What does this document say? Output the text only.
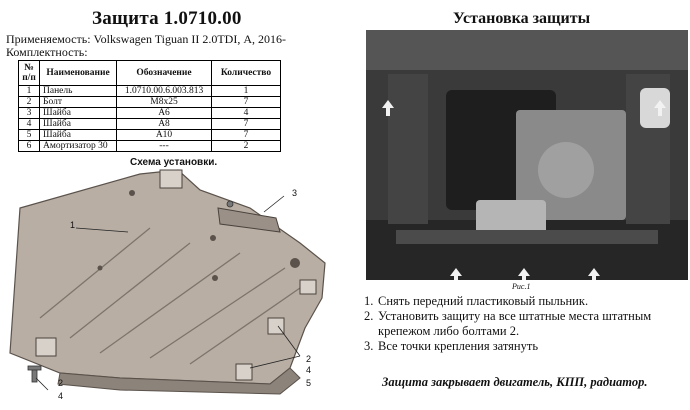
Защита 1.0710.00
Применяемость: Volkswagen Tiguan II 2.0TDI, А, 2016-
Комплектность:
№ п/п	Наименование	Обозначение	Количество
1	Панель	1.0710.00.6.003.813	1
2	Болт	М8х25	7
3	Шайба	А6	4
4	Шайба	А8	7
5	Шайба	А10	7
6	Амортизатор 30	---	2
Схема установки.
1
3
2
4
2
4
5
Установка защиты
Рис.1
1. Снять передний пластиковый пыльник.
2. Установить защиту на все штатные места штатным крепежом либо болтами 2.
3. Все точки крепления затянуть
Защита закрывает двигатель, КПП, радиатор.
